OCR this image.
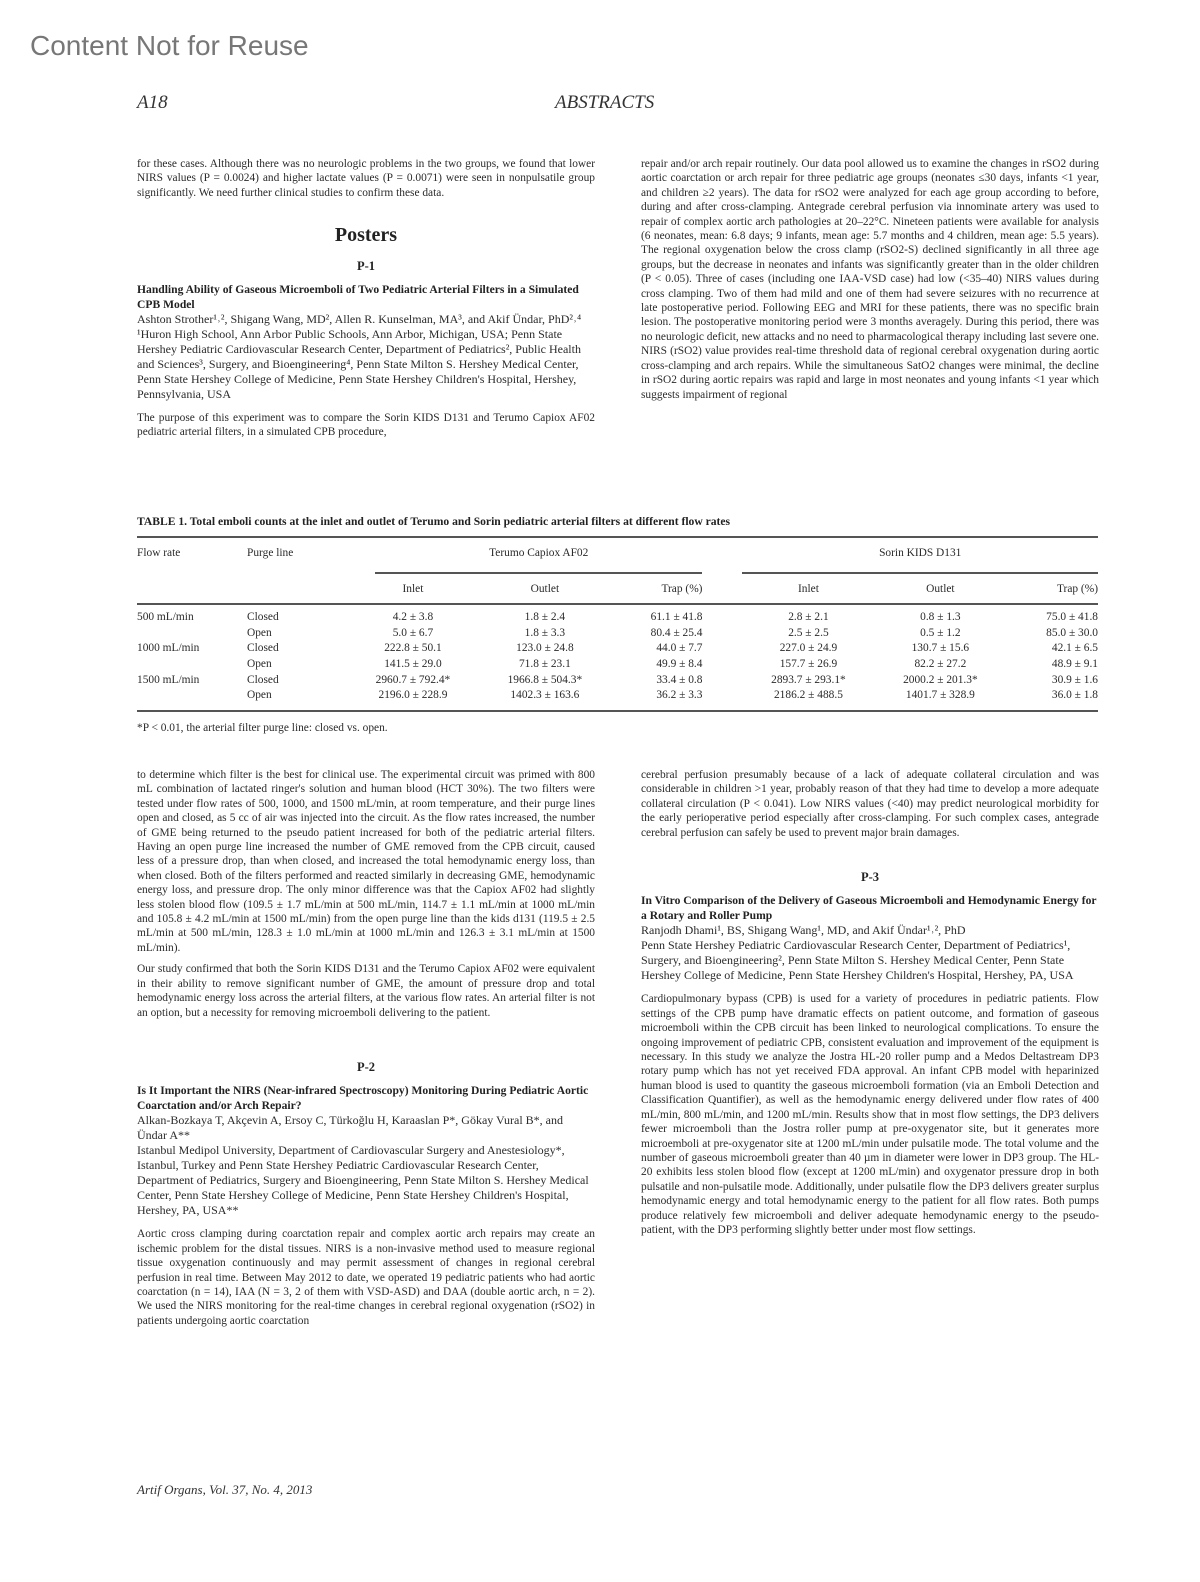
Content Not for Reuse
A18	ABSTRACTS

for these cases. Although there was no neurologic problems in the two groups, we found that lower NIRS values (P = 0.0024) and higher lactate values (P = 0.0071) were seen in nonpulsatile group significantly. We need further clinical studies to confirm these data.

Posters
P-1
Handling Ability of Gaseous Microemboli of Two Pediatric Arterial Filters in a Simulated CPB Model
Ashton Strother¹˒², Shigang Wang, MD², Allen R. Kunselman, MA³, and Akif Ündar, PhD²˒⁴
¹Huron High School, Ann Arbor Public Schools, Ann Arbor, Michigan, USA; Penn State Hershey Pediatric Cardiovascular Research Center, Department of Pediatrics², Public Health and Sciences³, Surgery, and Bioengineering⁴, Penn State Milton S. Hershey Medical Center, Penn State Hershey College of Medicine, Penn State Hershey Children's Hospital, Hershey, Pennsylvania, USA

The purpose of this experiment was to compare the Sorin KIDS D131 and Terumo Capiox AF02 pediatric arterial filters, in a simulated CPB procedure,

repair and/or arch repair routinely. Our data pool allowed us to examine the changes in rSO2 during aortic coarctation or arch repair for three pediatric age groups (neonates ≤30 days, infants <1 year, and children ≥2 years). The data for rSO2 were analyzed for each age group according to before, during and after cross-clamping. Antegrade cerebral perfusion via innominate artery was used to repair of complex aortic arch pathologies at 20–22°C. Nineteen patients were available for analysis (6 neonates, mean: 6.8 days; 9 infants, mean age: 5.7 months and 4 children, mean age: 5.5 years). The regional oxygenation below the cross clamp (rSO2-S) declined significantly in all three age groups, but the decrease in neonates and infants was significantly greater than in the older children (P < 0.05). Three of cases (including one IAA-VSD case) had low (<35–40) NIRS values during cross clamping. Two of them had mild and one of them had severe seizures with no recurrence at late postoperative period. Following EEG and MRI for these patients, there was no specific brain lesion. The postoperative monitoring period were 3 months averagely. During this period, there was no neurologic deficit, new attacks and no need to pharmacological therapy including last severe one. NIRS (rSO2) value provides real-time threshold data of regional cerebral oxygenation during aortic cross-clamping and arch repairs. While the simultaneous SatO2 changes were minimal, the decline in rSO2 during aortic repairs was rapid and large in most neonates and young infants <1 year which suggests impairment of regional

TABLE 1. Total emboli counts at the inlet and outlet of Terumo and Sorin pediatric arterial filters at different flow rates
Flow rate	Purge line	Terumo Capiox AF02				Sorin KIDS D131		

		Inlet	Outlet	Trap (%)		Inlet	Outlet	Trap (%)
500 mL/min	Closed	4.2 ± 3.8	1.8 ± 2.4	61.1 ± 41.8		2.8 ± 2.1	0.8 ± 1.3	75.0 ± 41.8
	Open	5.0 ± 6.7	1.8 ± 3.3	80.4 ± 25.4		2.5 ± 2.5	0.5 ± 1.2	85.0 ± 30.0
1000 mL/min	Closed	222.8 ± 50.1	123.0 ± 24.8	44.0 ± 7.7		227.0 ± 24.9	130.7 ± 15.6	42.1 ± 6.5
	Open	141.5 ± 29.0	71.8 ± 23.1	49.9 ± 8.4		157.7 ± 26.9	82.2 ± 27.2	48.9 ± 9.1
1500 mL/min	Closed	2960.7 ± 792.4*	1966.8 ± 504.3*	33.4 ± 0.8		2893.7 ± 293.1*	2000.2 ± 201.3*	30.9 ± 1.6
	Open	2196.0 ± 228.9	1402.3 ± 163.6	36.2 ± 3.3		2186.2 ± 488.5	1401.7 ± 328.9	36.0 ± 1.8
*P < 0.01, the arterial filter purge line: closed vs. open.

to determine which filter is the best for clinical use. The experimental circuit was primed with 800 mL combination of lactated ringer's solution and human blood (HCT 30%). The two filters were tested under flow rates of 500, 1000, and 1500 mL/min, at room temperature, and their purge lines open and closed, as 5 cc of air was injected into the circuit. As the flow rates increased, the number of GME being returned to the pseudo patient increased for both of the pediatric arterial filters. Having an open purge line increased the number of GME removed from the CPB circuit, caused less of a pressure drop, than when closed, and increased the total hemodynamic energy loss, than when closed. Both of the filters performed and reacted similarly in decreasing GME, hemodynamic energy loss, and pressure drop. The only minor difference was that the Capiox AF02 had slightly less stolen blood flow (109.5 ± 1.7 mL/min at 500 mL/min, 114.7 ± 1.1 mL/min at 1000 mL/min and 105.8 ± 4.2 mL/min at 1500 mL/min) from the open purge line than the kids d131 (119.5 ± 2.5 mL/min at 500 mL/min, 128.3 ± 1.0 mL/min at 1000 mL/min and 126.3 ± 3.1 mL/min at 1500 mL/min).

Our study confirmed that both the Sorin KIDS D131 and the Terumo Capiox AF02 were equivalent in their ability to remove significant number of GME, the amount of pressure drop and total hemodynamic energy loss across the arterial filters, at the various flow rates. An arterial filter is not an option, but a necessity for removing microemboli delivering to the patient.

P-2
Is It Important the NIRS (Near-infrared Spectroscopy) Monitoring During Pediatric Aortic Coarctation and/or Arch Repair?
Alkan-Bozkaya T, Akçevin A, Ersoy C, Türkoğlu H, Karaaslan P*, Gökay Vural B*, and Ündar A**
Istanbul Medipol University, Department of Cardiovascular Surgery and Anestesiology*, Istanbul, Turkey and Penn State Hershey Pediatric Cardiovascular Research Center, Department of Pediatrics, Surgery and Bioengineering, Penn State Milton S. Hershey Medical Center, Penn State Hershey College of Medicine, Penn State Hershey Children's Hospital, Hershey, PA, USA**

Aortic cross clamping during coarctation repair and complex aortic arch repairs may create an ischemic problem for the distal tissues. NIRS is a non-invasive method used to measure regional tissue oxygenation continuously and may permit assessment of changes in regional cerebral perfusion in real time. Between May 2012 to date, we operated 19 pediatric patients who had aortic coarctation (n = 14), IAA (N = 3, 2 of them with VSD-ASD) and DAA (double aortic arch, n = 2). We used the NIRS monitoring for the real-time changes in cerebral regional oxygenation (rSO2) in patients undergoing aortic coarctation

cerebral perfusion presumably because of a lack of adequate collateral circulation and was considerable in children >1 year, probably reason of that they had time to develop a more adequate collateral circulation (P < 0.041). Low NIRS values (<40) may predict neurological morbidity for the early perioperative period especially after cross-clamping. For such complex cases, antegrade cerebral perfusion can safely be used to prevent major brain damages.

P-3
In Vitro Comparison of the Delivery of Gaseous Microemboli and Hemodynamic Energy for a Rotary and Roller Pump
Ranjodh Dhami¹, BS, Shigang Wang¹, MD, and Akif Ündar¹˒², PhD
Penn State Hershey Pediatric Cardiovascular Research Center, Department of Pediatrics¹, Surgery, and Bioengineering², Penn State Milton S. Hershey Medical Center, Penn State Hershey College of Medicine, Penn State Hershey Children's Hospital, Hershey, PA, USA

Cardiopulmonary bypass (CPB) is used for a variety of procedures in pediatric patients. Flow settings of the CPB pump have dramatic effects on patient outcome, and formation of gaseous microemboli within the CPB circuit has been linked to neurological complications. To ensure the ongoing improvement of pediatric CPB, consistent evaluation and improvement of the equipment is necessary. In this study we analyze the Jostra HL-20 roller pump and a Medos Deltastream DP3 rotary pump which has not yet received FDA approval. An infant CPB model with heparinized human blood is used to quantity the gaseous microemboli formation (via an Emboli Detection and Classification Quantifier), as well as the hemodynamic energy delivered under flow rates of 400 mL/min, 800 mL/min, and 1200 mL/min. Results show that in most flow settings, the DP3 delivers fewer microemboli than the Jostra roller pump at pre-oxygenator site, but it generates more microemboli at pre-oxygenator site at 1200 mL/min under pulsatile mode. The total volume and the number of gaseous microemboli greater than 40 µm in diameter were lower in DP3 group. The HL-20 exhibits less stolen blood flow (except at 1200 mL/min) and oxygenator pressure drop in both pulsatile and non-pulsatile mode. Additionally, under pulsatile flow the DP3 delivers greater surplus hemodynamic energy and total hemodynamic energy to the patient for all flow rates. Both pumps produce relatively few microemboli and deliver adequate hemodynamic energy to the pseudo-patient, with the DP3 performing slightly better under most flow settings.

Artif Organs, Vol. 37, No. 4, 2013
